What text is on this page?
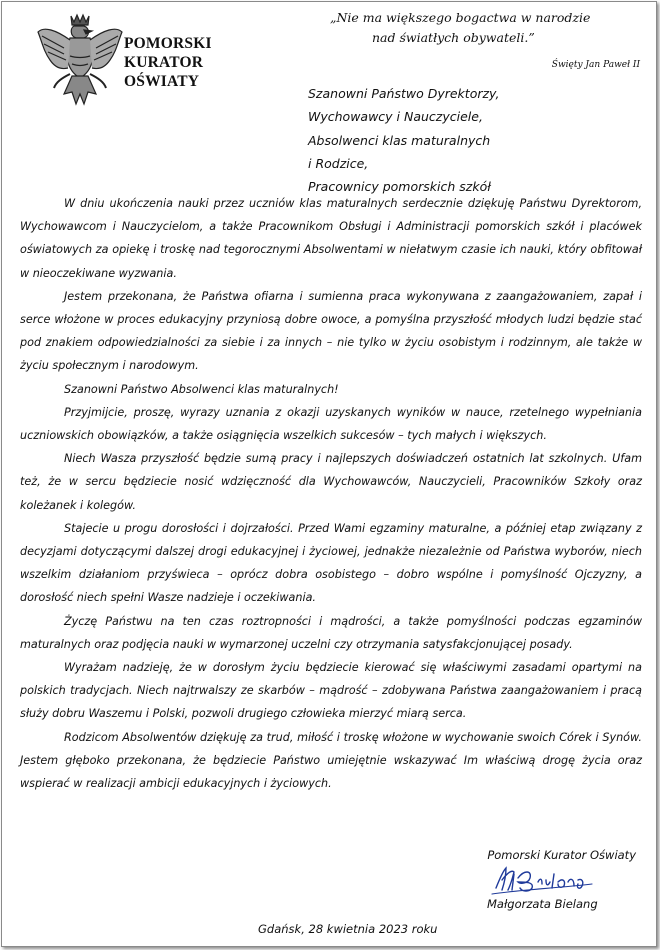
POMORSKI
KURATOR
OŚWIATY
„Nie ma większego bogactwa w narodzie
nad światłych obywateli.”
Święty Jan Paweł II
Szanowni Państwo Dyrektorzy,
Wychowawcy i Nauczyciele,
Absolwenci klas maturalnych
i Rodzice,
Pracownicy pomorskich szkół

W dniu ukończenia nauki przez uczniów klas maturalnych serdecznie dziękuję Państwu Dyrektorom, Wychowawcom i Nauczycielom, a także Pracownikom Obsługi i Administracji pomorskich szkół i placówek oświatowych za opiekę i troskę nad tegorocznymi Absolwentami w niełatwym czasie ich nauki, który obfitował w nieoczekiwane wyzwania.

Jestem przekonana, że Państwa ofiarna i sumienna praca wykonywana z zaangażowaniem, zapał i serce włożone w proces edukacyjny przyniosą dobre owoce, a pomyślna przyszłość młodych ludzi będzie stać pod znakiem odpowiedzialności za siebie i za innych – nie tylko w życiu osobistym i rodzinnym, ale także w życiu społecznym i narodowym.

Szanowni Państwo Absolwenci klas maturalnych!

Przyjmijcie, proszę, wyrazy uznania z okazji uzyskanych wyników w nauce, rzetelnego wypełniania uczniowskich obowiązków, a także osiągnięcia wszelkich sukcesów – tych małych i większych.

Niech Wasza przyszłość będzie sumą pracy i najlepszych doświadczeń ostatnich lat szkolnych. Ufam też, że w sercu będziecie nosić wdzięczność dla Wychowawców, Nauczycieli, Pracowników Szkoły oraz koleżanek i kolegów.

Stajecie u progu dorosłości i dojrzałości. Przed Wami egzaminy maturalne, a później etap związany z decyzjami dotyczącymi dalszej drogi edukacyjnej i życiowej, jednakże niezależnie od Państwa wyborów, niech wszelkim działaniom przyświeca – oprócz dobra osobistego – dobro wspólne i pomyślność Ojczyzny, a dorosłość niech spełni Wasze nadzieje i oczekiwania.

Życzę Państwu na ten czas roztropności i mądrości, a także pomyślności podczas egzaminów maturalnych oraz podjęcia nauki w wymarzonej uczelni czy otrzymania satysfakcjonującej posady.

Wyrażam nadzieję, że w dorosłym życiu będziecie kierować się właściwymi zasadami opartymi na polskich tradycjach. Niech najtrwalszy ze skarbów – mądrość – zdobywana Państwa zaangażowaniem i pracą służy dobru Waszemu i Polski, pozwoli drugiego człowieka mierzyć miarą serca.

Rodzicom Absolwentów dziękuję za trud, miłość i troskę włożone w wychowanie swoich Córek i Synów. Jestem głęboko przekonana, że będziecie Państwo umiejętnie wskazywać Im właściwą drogę życia oraz wspierać w realizacji ambicji edukacyjnych i życiowych.

Pomorski Kurator Oświaty
Małgorzata Bielang
Gdańsk, 28 kwietnia 2023 roku
